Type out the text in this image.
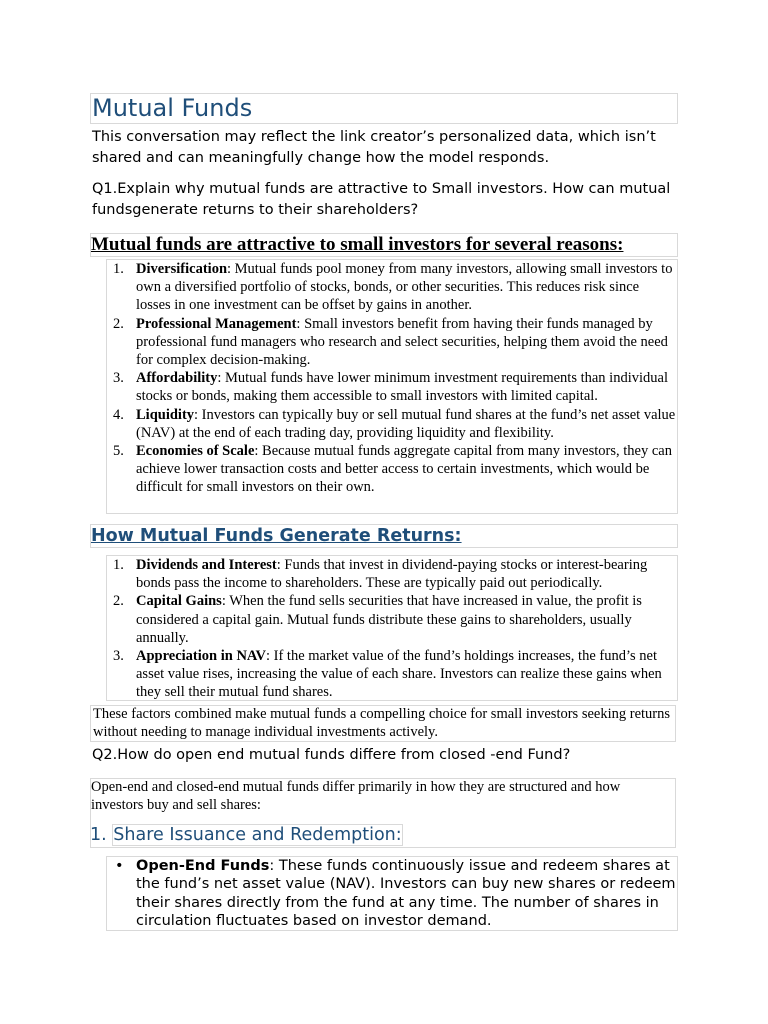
Mutual Funds
This conversation may reflect the link creator’s personalized data, which isn’t shared and can meaningfully change how the model responds.
Q1.Explain why mutual funds are attractive to Small investors. How can mutual fundsgenerate returns to their shareholders?
Mutual funds are attractive to small investors for several reasons:
1. Diversification: Mutual funds pool money from many investors, allowing small investors to own a diversified portfolio of stocks, bonds, or other securities. This reduces risk since losses in one investment can be offset by gains in another.
2. Professional Management: Small investors benefit from having their funds managed by professional fund managers who research and select securities, helping them avoid the need for complex decision-making.
3. Affordability: Mutual funds have lower minimum investment requirements than individual stocks or bonds, making them accessible to small investors with limited capital.
4. Liquidity: Investors can typically buy or sell mutual fund shares at the fund’s net asset value (NAV) at the end of each trading day, providing liquidity and flexibility.
5. Economies of Scale: Because mutual funds aggregate capital from many investors, they can achieve lower transaction costs and better access to certain investments, which would be difficult for small investors on their own.
How Mutual Funds Generate Returns:
1. Dividends and Interest: Funds that invest in dividend-paying stocks or interest-bearing bonds pass the income to shareholders. These are typically paid out periodically.
2. Capital Gains: When the fund sells securities that have increased in value, the profit is considered a capital gain. Mutual funds distribute these gains to shareholders, usually annually.
3. Appreciation in NAV: If the market value of the fund’s holdings increases, the fund’s net asset value rises, increasing the value of each share. Investors can realize these gains when they sell their mutual fund shares.
These factors combined make mutual funds a compelling choice for small investors seeking returns without needing to manage individual investments actively.
Q2.How do open end mutual funds differe from closed -end Fund?
Open-end and closed-end mutual funds differ primarily in how they are structured and how investors buy and sell shares:
1. Share Issuance and Redemption:
• Open-End Funds: These funds continuously issue and redeem shares at the fund’s net asset value (NAV). Investors can buy new shares or redeem their shares directly from the fund at any time. The number of shares in circulation fluctuates based on investor demand.
